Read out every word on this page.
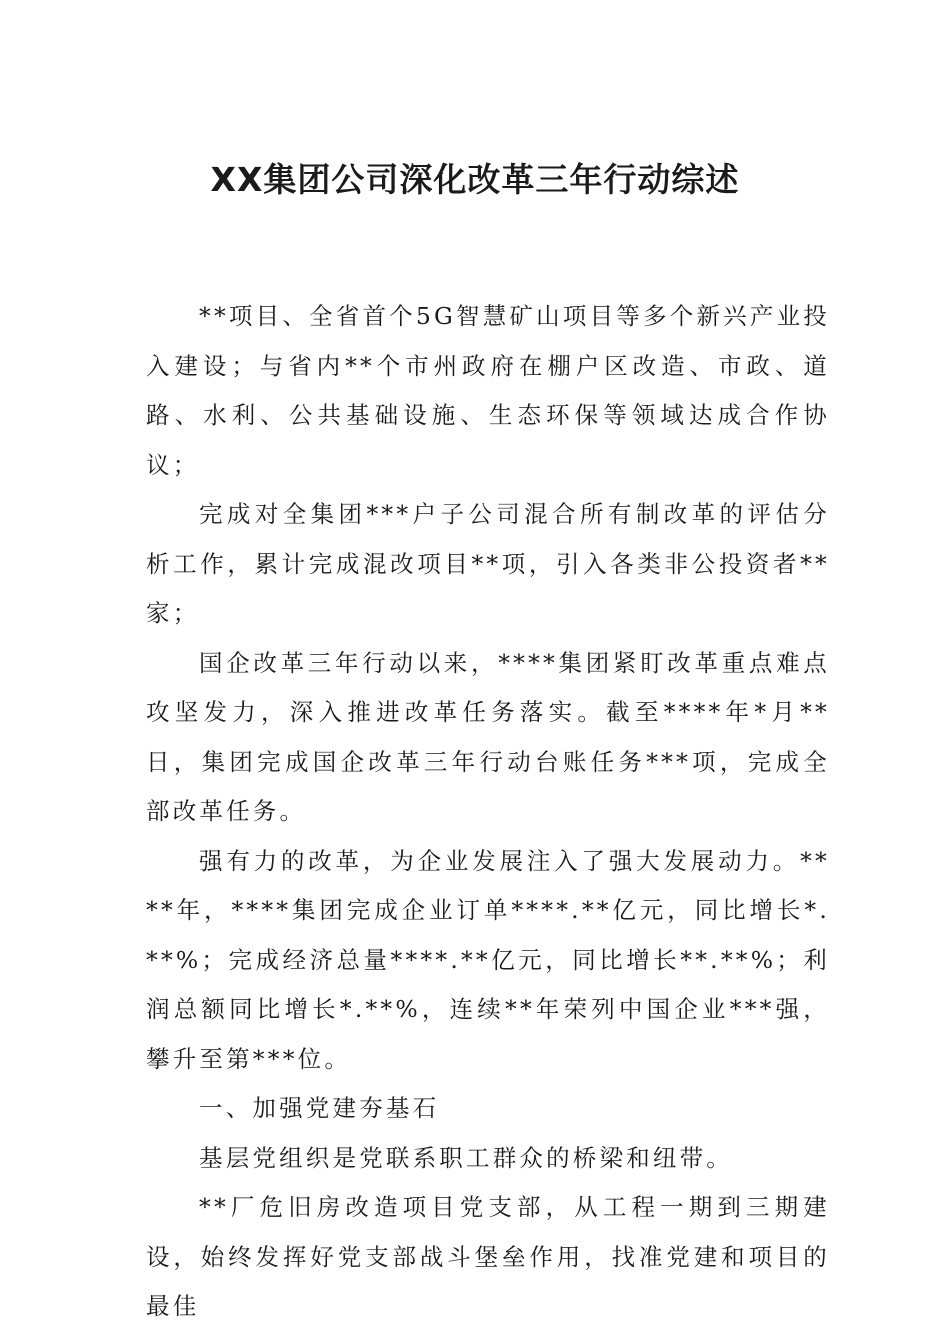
XX集团公司深化改革三年行动综述

**项目、全省首个5G智慧矿山项目等多个新兴产业投入建设；与省内**个市州政府在棚户区改造、市政、道路、水利、公共基础设施、生态环保等领域达成合作协议；

完成对全集团***户子公司混合所有制改革的评估分析工作，累计完成混改项目**项，引入各类非公投资者**家；

国企改革三年行动以来，****集团紧盯改革重点难点攻坚发力，深入推进改革任务落实。截至****年*月**日，集团完成国企改革三年行动台账任务***项，完成全部改革任务。

强有力的改革，为企业发展注入了强大发展动力。****年，****集团完成企业订单****.**亿元，同比增长*.**%；完成经济总量****.**亿元，同比增长**.**%；利润总额同比增长*.**%，连续**年荣列中国企业***强，攀升至第***位。

一、加强党建夯基石

基层党组织是党联系职工群众的桥梁和纽带。

**厂危旧房改造项目党支部，从工程一期到三期建设，始终发挥好党支部战斗堡垒作用，找准党建和项目的最佳
